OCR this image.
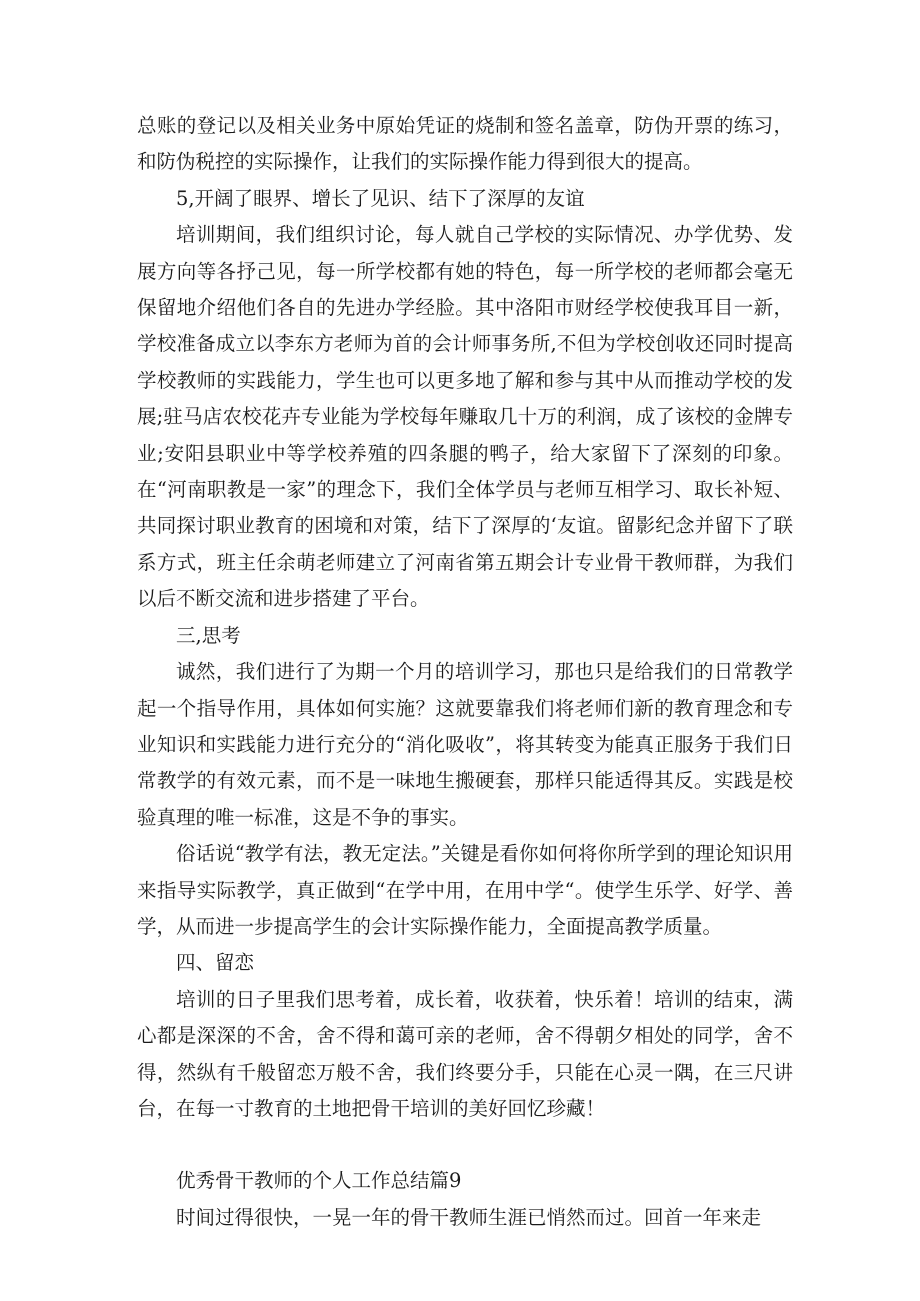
总账的登记以及相关业务中原始凭证的烧制和签名盖章，防伪开票的练习，和防伪税控的实际操作，让我们的实际操作能力得到很大的提高。

5,开阔了眼界、增长了见识、结下了深厚的友谊

培训期间，我们组织讨论，每人就自己学校的实际情况、办学优势、发展方向等各抒己见，每一所学校都有她的特色，每一所学校的老师都会毫无保留地介绍他们各自的先进办学经脸。其中洛阳市财经学校使我耳目一新，学校准备成立以李东方老师为首的会计师事务所,不但为学校创收还同时提高学校教师的实践能力，学生也可以更多地了解和参与其中从而推动学校的发展;驻马店农校花卉专业能为学校每年赚取几十万的利润，成了该校的金牌专业;安阳县职业中等学校养殖的四条腿的鸭子，给大家留下了深刻的印象。在“河南职教是一家”的理念下，我们全体学员与老师互相学习、取长补短、共同探讨职业教育的困境和对策，结下了深厚的‘友谊。留影纪念并留下了联系方式，班主任余萌老师建立了河南省第五期会计专业骨干教师群，为我们以后不断交流和进步搭建了平台。

三,思考

诚然，我们进行了为期一个月的培训学习，那也只是给我们的日常教学起一个指导作用，具体如何实施？这就要靠我们将老师们新的教育理念和专业知识和实践能力进行充分的“消化吸收”，将其转变为能真正服务于我们日常教学的有效元素，而不是一味地生搬硬套，那样只能适得其反。实践是校验真理的唯一标准，这是不争的事实。

俗话说“教学有法，教无定法。”关键是看你如何将你所学到的理论知识用来指导实际教学，真正做到“在学中用，在用中学“。使学生乐学、好学、善学，从而进一步提高学生的会计实际操作能力，全面提高教学质量。

四、留恋

培训的日子里我们思考着，成长着，收获着，快乐着！培训的结束，满心都是深深的不舍，舍不得和蔼可亲的老师，舍不得朝夕相处的同学，舍不得，然纵有千般留恋万般不舍，我们终要分手，只能在心灵一隅，在三尺讲台，在每一寸教育的土地把骨干培训的美好回忆珍藏！

优秀骨干教师的个人工作总结篇9

时间过得很快，一晃一年的骨干教师生涯已悄然而过。回首一年来走
